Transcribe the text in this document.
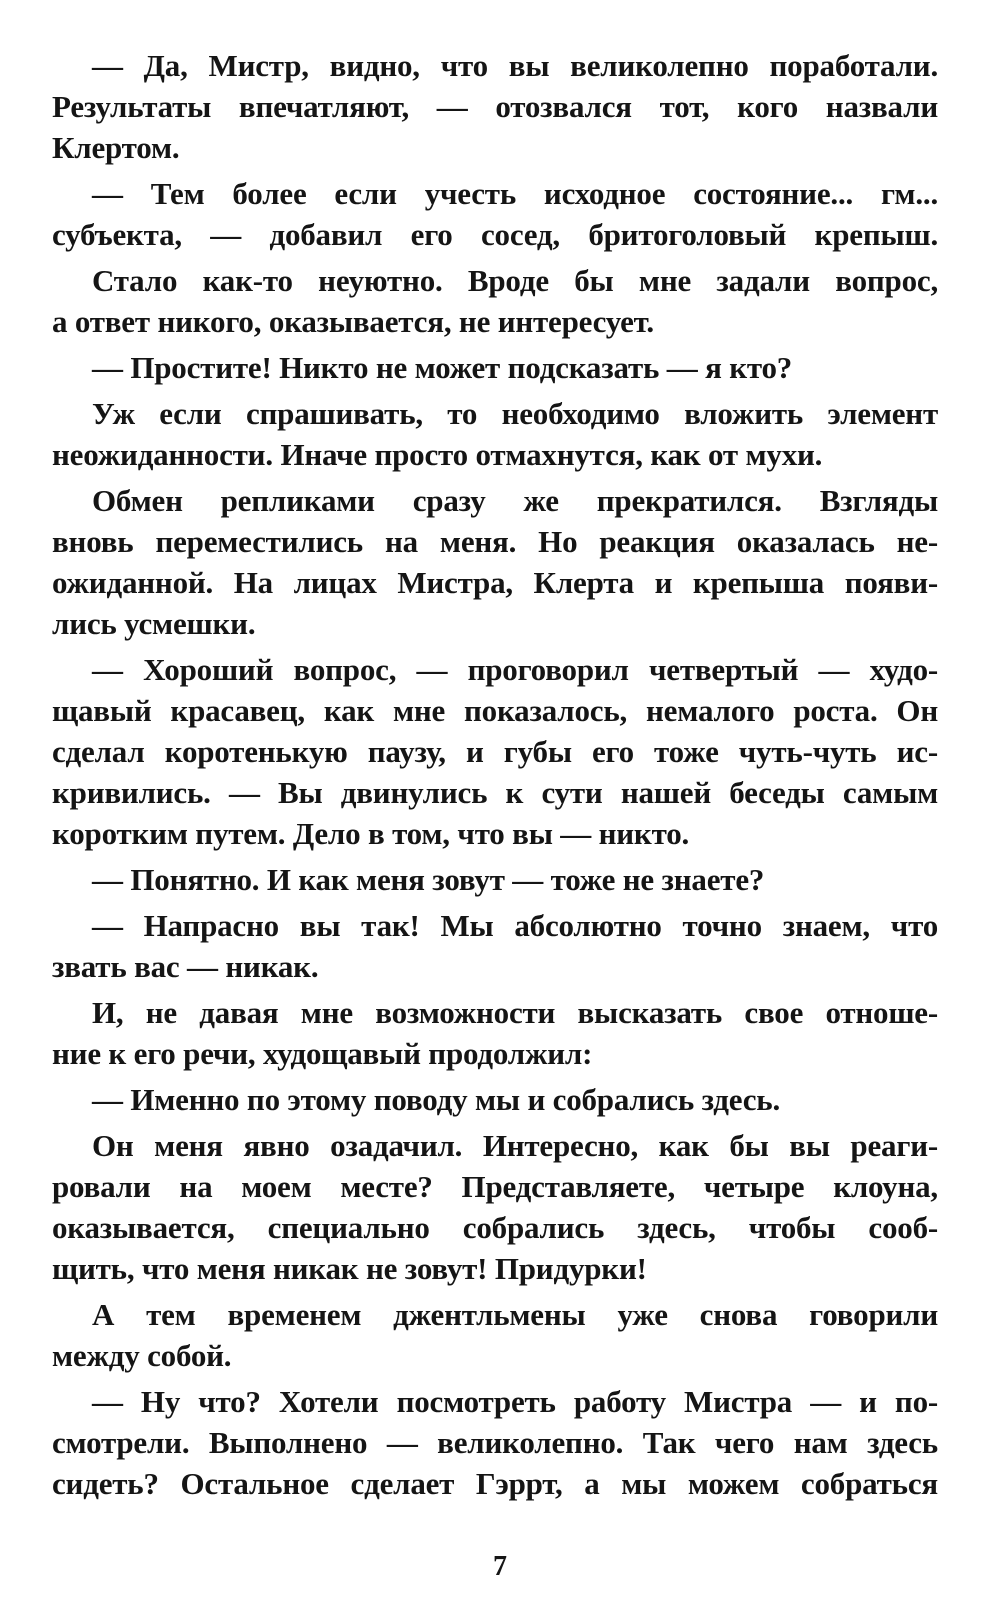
— Да, Мистр, видно, что вы великолепно поработали.
Результаты впечатляют, — отозвался тот, кого назвали
Клертом.
— Тем более если учесть исходное состояние... гм...
субъекта, — добавил его сосед, бритоголовый крепыш.
Стало как-то неуютно. Вроде бы мне задали вопрос,
а ответ никого, оказывается, не интересует.
— Простите! Никто не может подсказать — я кто?
Уж если спрашивать, то необходимо вложить элемент
неожиданности. Иначе просто отмахнутся, как от мухи.
Обмен репликами сразу же прекратился. Взгляды
вновь переместились на меня. Но реакция оказалась не-
ожиданной. На лицах Мистра, Клерта и крепыша появи-
лись усмешки.
— Хороший вопрос, — проговорил четвертый — худо-
щавый красавец, как мне показалось, немалого роста. Он
сделал коротенькую паузу, и губы его тоже чуть-чуть ис-
кривились. — Вы двинулись к сути нашей беседы самым
коротким путем. Дело в том, что вы — никто.
— Понятно. И как меня зовут — тоже не знаете?
— Напрасно вы так! Мы абсолютно точно знаем, что
звать вас — никак.
И, не давая мне возможности высказать свое отноше-
ние к его речи, худощавый продолжил:
— Именно по этому поводу мы и собрались здесь.
Он меня явно озадачил. Интересно, как бы вы реаги-
ровали на моем месте? Представляете, четыре клоуна,
оказывается, специально собрались здесь, чтобы сооб-
щить, что меня никак не зовут! Придурки!
А тем временем джентльмены уже снова говорили
между собой.
— Ну что? Хотели посмотреть работу Мистра — и по-
смотрели. Выполнено — великолепно. Так чего нам здесь
сидеть? Остальное сделает Гэррт, а мы можем собраться
7
